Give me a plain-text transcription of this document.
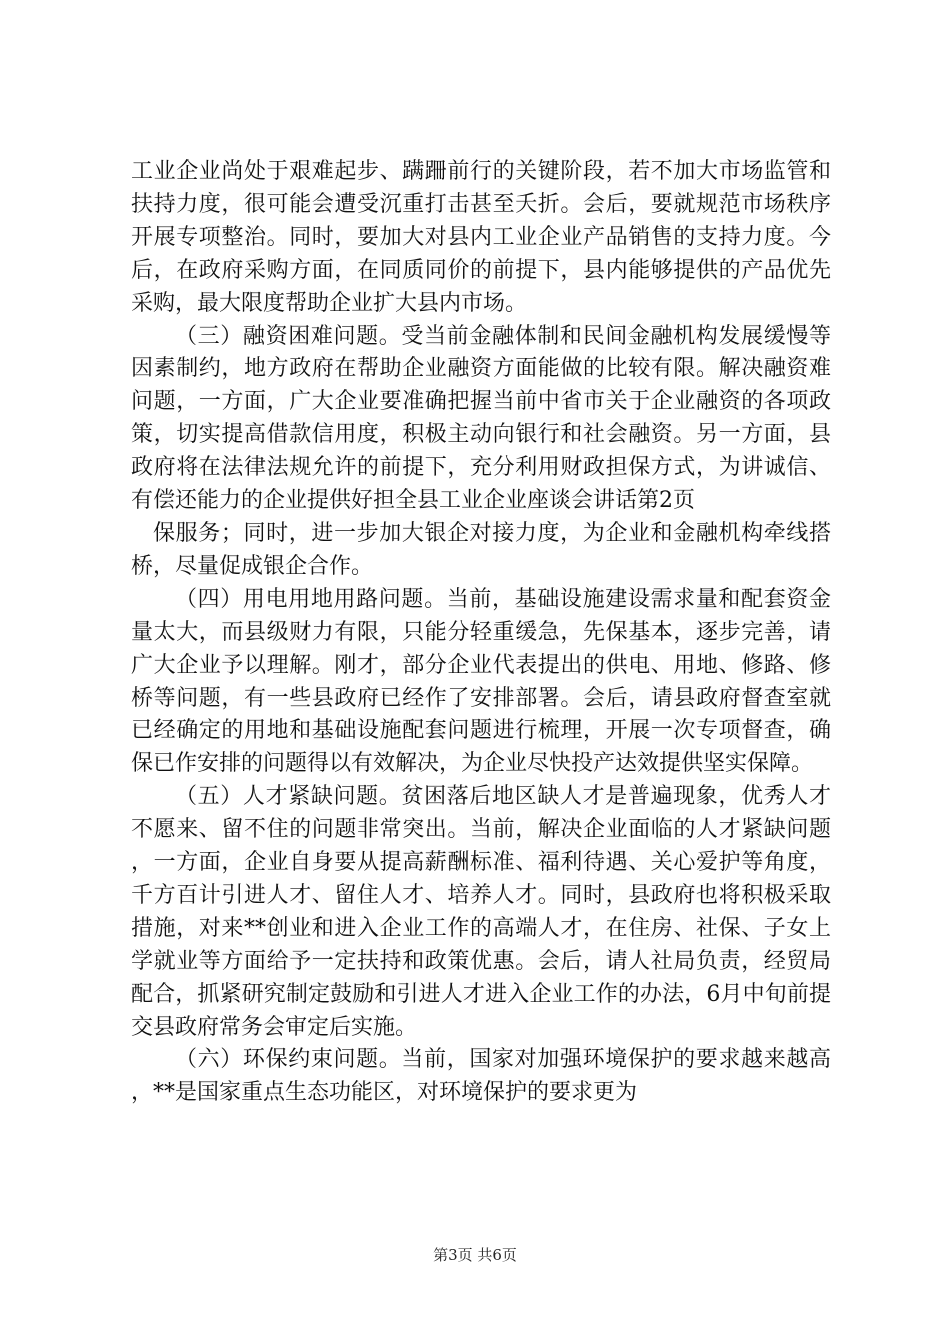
工业企业尚处于艰难起步、蹒跚前行的关键阶段，若不加大市场监管和扶持力度，很可能会遭受沉重打击甚至夭折。会后，要就规范市场秩序开展专项整治。同时，要加大对县内工业企业产品销售的支持力度。今后，在政府采购方面，在同质同价的前提下，县内能够提供的产品优先采购，最大限度帮助企业扩大县内市场。

（三）融资困难问题。受当前金融体制和民间金融机构发展缓慢等因素制约，地方政府在帮助企业融资方面能做的比较有限。解决融资难问题，一方面，广大企业要准确把握当前中省市关于企业融资的各项政策，切实提高借款信用度，积极主动向银行和社会融资。另一方面，县政府将在法律法规允许的前提下，充分利用财政担保方式，为讲诚信、有偿还能力的企业提供好担全县工业企业座谈会讲话第2页

保服务；同时，进一步加大银企对接力度，为企业和金融机构牵线搭桥，尽量促成银企合作。

（四）用电用地用路问题。当前，基础设施建设需求量和配套资金量太大，而县级财力有限，只能分轻重缓急，先保基本，逐步完善，请广大企业予以理解。刚才，部分企业代表提出的供电、用地、修路、修桥等问题，有一些县政府已经作了安排部署。会后，请县政府督查室就已经确定的用地和基础设施配套问题进行梳理，开展一次专项督查，确保已作安排的问题得以有效解决，为企业尽快投产达效提供坚实保障。

（五）人才紧缺问题。贫困落后地区缺人才是普遍现象，优秀人才不愿来、留不住的问题非常突出。当前，解决企业面临的人才紧缺问题，一方面，企业自身要从提高薪酬标准、福利待遇、关心爱护等角度，千方百计引进人才、留住人才、培养人才。同时，县政府也将积极采取措施，对来**创业和进入企业工作的高端人才，在住房、社保、子女上学就业等方面给予一定扶持和政策优惠。会后，请人社局负责，经贸局配合，抓紧研究制定鼓励和引进人才进入企业工作的办法，6月中旬前提交县政府常务会审定后实施。

（六）环保约束问题。当前，国家对加强环境保护的要求越来越高，**是国家重点生态功能区，对环境保护的要求更为

第3页 共6页
